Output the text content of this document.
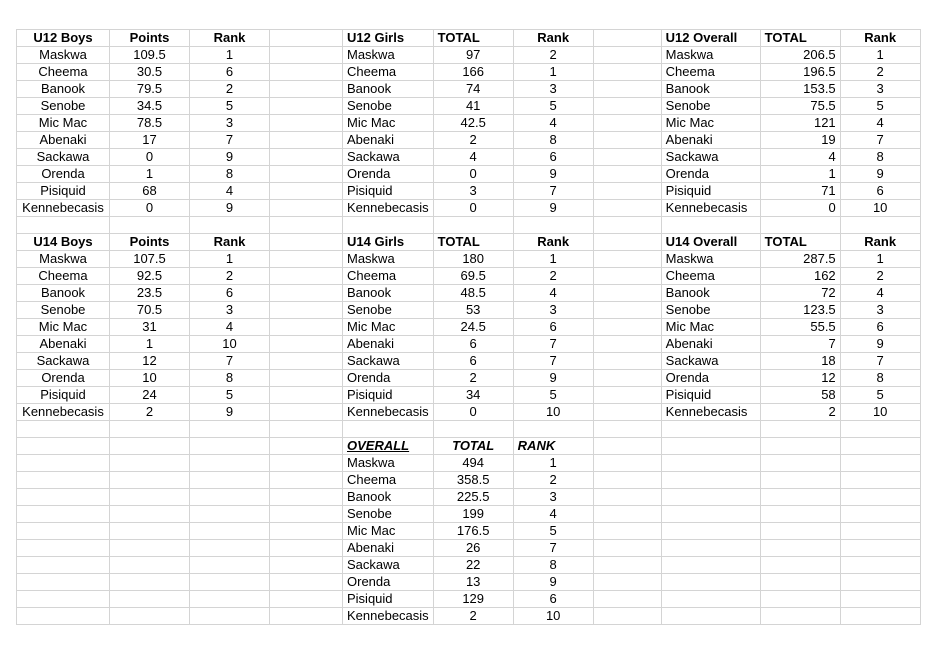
U12 Boys	Points	Rank		U12 Girls	TOTAL	Rank		U12 Overall	TOTAL	Rank
Maskwa	109.5	1		Maskwa	97	2		Maskwa	206.5	1
Cheema	30.5	6		Cheema	166	1		Cheema	196.5	2
Banook	79.5	2		Banook	74	3		Banook	153.5	3
Senobe	34.5	5		Senobe	41	5		Senobe	75.5	5
Mic Mac	78.5	3		Mic Mac	42.5	4		Mic Mac	121	4
Abenaki	17	7		Abenaki	2	8		Abenaki	19	7
Sackawa	0	9		Sackawa	4	6		Sackawa	4	8
Orenda	1	8		Orenda	0	9		Orenda	1	9
Pisiquid	68	4		Pisiquid	3	7		Pisiquid	71	6
Kennebecasis	0	9		Kennebecasis	0	9		Kennebecasis	0	10

U14 Boys	Points	Rank		U14 Girls	TOTAL	Rank		U14 Overall	TOTAL	Rank
Maskwa	107.5	1		Maskwa	180	1		Maskwa	287.5	1
Cheema	92.5	2		Cheema	69.5	2		Cheema	162	2
Banook	23.5	6		Banook	48.5	4		Banook	72	4
Senobe	70.5	3		Senobe	53	3		Senobe	123.5	3
Mic Mac	31	4		Mic Mac	24.5	6		Mic Mac	55.5	6
Abenaki	1	10		Abenaki	6	7		Abenaki	7	9
Sackawa	12	7		Sackawa	6	7		Sackawa	18	7
Orenda	10	8		Orenda	2	9		Orenda	12	8
Pisiquid	24	5		Pisiquid	34	5		Pisiquid	58	5
Kennebecasis	2	9		Kennebecasis	0	10		Kennebecasis	2	10

				OVERALL	TOTAL	RANK				
				Maskwa	494	1				
				Cheema	358.5	2				
				Banook	225.5	3				
				Senobe	199	4				
				Mic Mac	176.5	5				
				Abenaki	26	7				
				Sackawa	22	8				
				Orenda	13	9				
				Pisiquid	129	6				
				Kennebecasis	2	10				
